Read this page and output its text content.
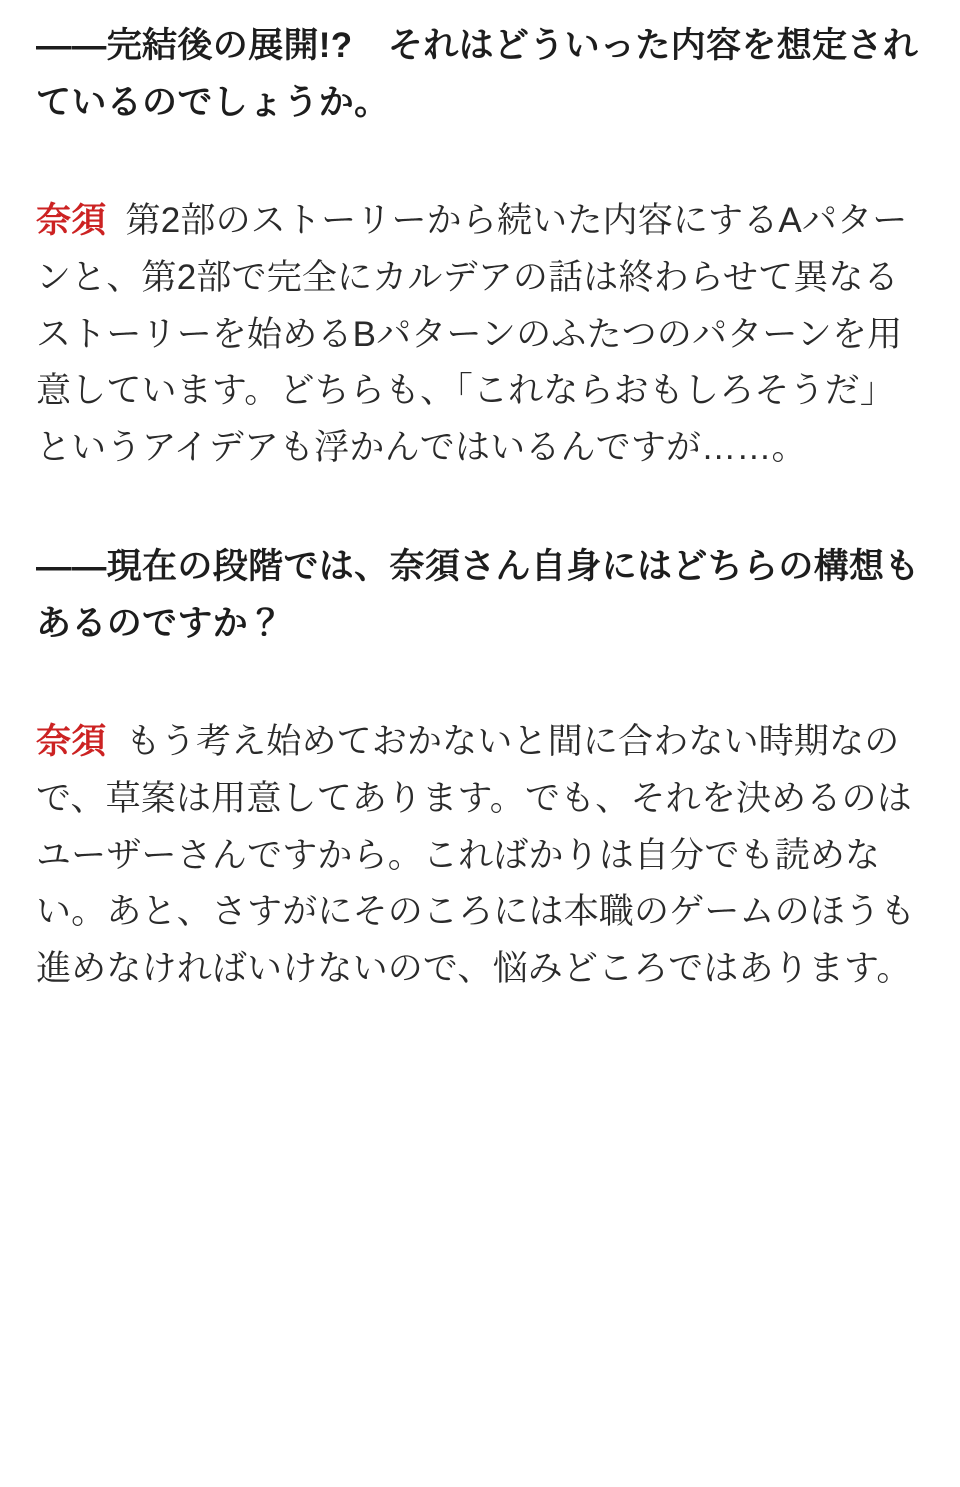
――完結後の展開!?　それはどういった内容を想定されているのでしょうか。

奈須 第2部のストーリーから続いた内容にするAパターンと、第2部で完全にカルデアの話は終わらせて異なるストーリーを始めるBパターンのふたつのパターンを用意しています。どちらも、「これならおもしろそうだ」というアイデアも浮かんではいるんですが……。

――現在の段階では、奈須さん自身にはどちらの構想もあるのですか？

奈須 もう考え始めておかないと間に合わない時期なので、草案は用意してあります。でも、それを決めるのはユーザーさんですから。こればかりは自分でも読めない。あと、さすがにそのころには本職のゲームのほうも進めなければいけないので、悩みどころではあります。
